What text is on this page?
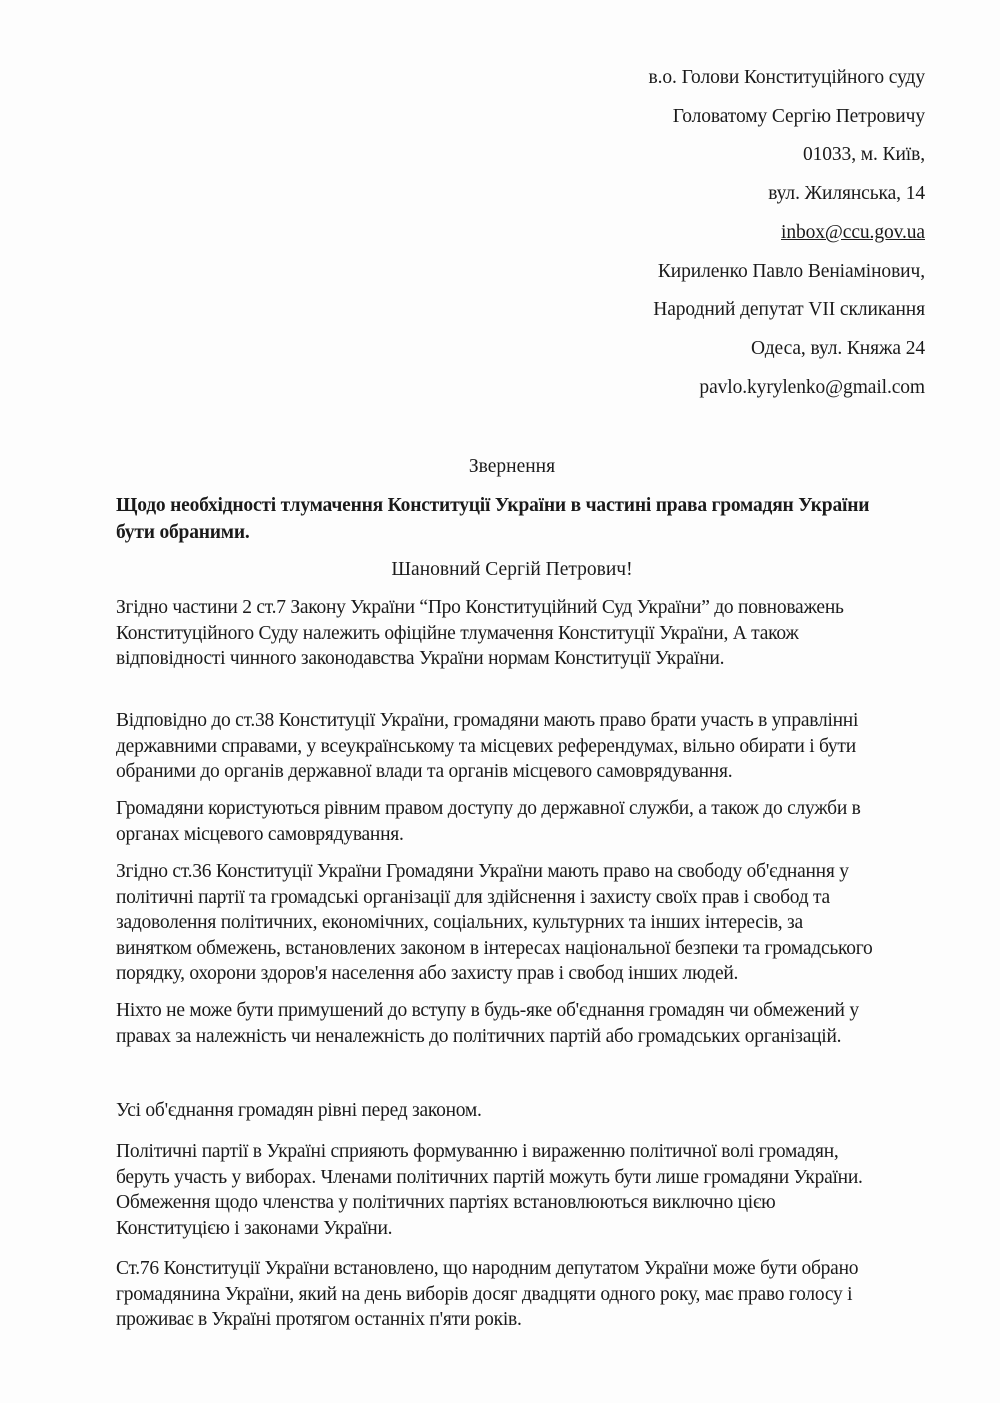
в.о. Голови Конституційного суду
Головатому Сергію Петровичу
01033, м. Київ,
вул. Жилянська, 14
inbox@ccu.gov.ua
Кириленко Павло Веніамінович,
Народний депутат VII скликання
Одеса, вул. Княжа 24
pavlo.kyrylenko@gmail.com
Звернення
Щодо необхідності тлумачення Конституції України в частині права громадян України
бути обраними.
Шановний Сергій Петрович!
Згідно частини 2 ст.7 Закону України “Про Конституційний Суд України” до повноважень
Конституційного Суду належить офіційне тлумачення Конституції України, А також
відповідності чинного законодавства України нормам Конституції України.
Відповідно до ст.38 Конституції України, громадяни мають право брати участь в управлінні
державними справами, у всеукраїнському та місцевих референдумах, вільно обирати і бути
обраними до органів державної влади та органів місцевого самоврядування.
Громадяни користуються рівним правом доступу до державної служби, а також до служби в
органах місцевого самоврядування.
Згідно ст.36 Конституції України Громадяни України мають право на свободу об'єднання у
політичні партії та громадські організації для здійснення і захисту своїх прав і свобод та
задоволення політичних, економічних, соціальних, культурних та інших інтересів, за
винятком обмежень, встановлених законом в інтересах національної безпеки та громадського
порядку, охорони здоров'я населення або захисту прав і свобод інших людей.
Ніхто не може бути примушений до вступу в будь-яке об'єднання громадян чи обмежений у
правах за належність чи неналежність до політичних партій або громадських організацій.
Усі об'єднання громадян рівні перед законом.
Політичні партії в Україні сприяють формуванню і вираженню політичної волі громадян,
беруть участь у виборах. Членами політичних партій можуть бути лише громадяни України.
Обмеження щодо членства у політичних партіях встановлюються виключно цією
Конституцією і законами України.
Ст.76 Конституції України встановлено, що народним депутатом України може бути обрано
громадянина України, який на день виборів досяг двадцяти одного року, має право голосу і
проживає в Україні протягом останніх п'яти років.
